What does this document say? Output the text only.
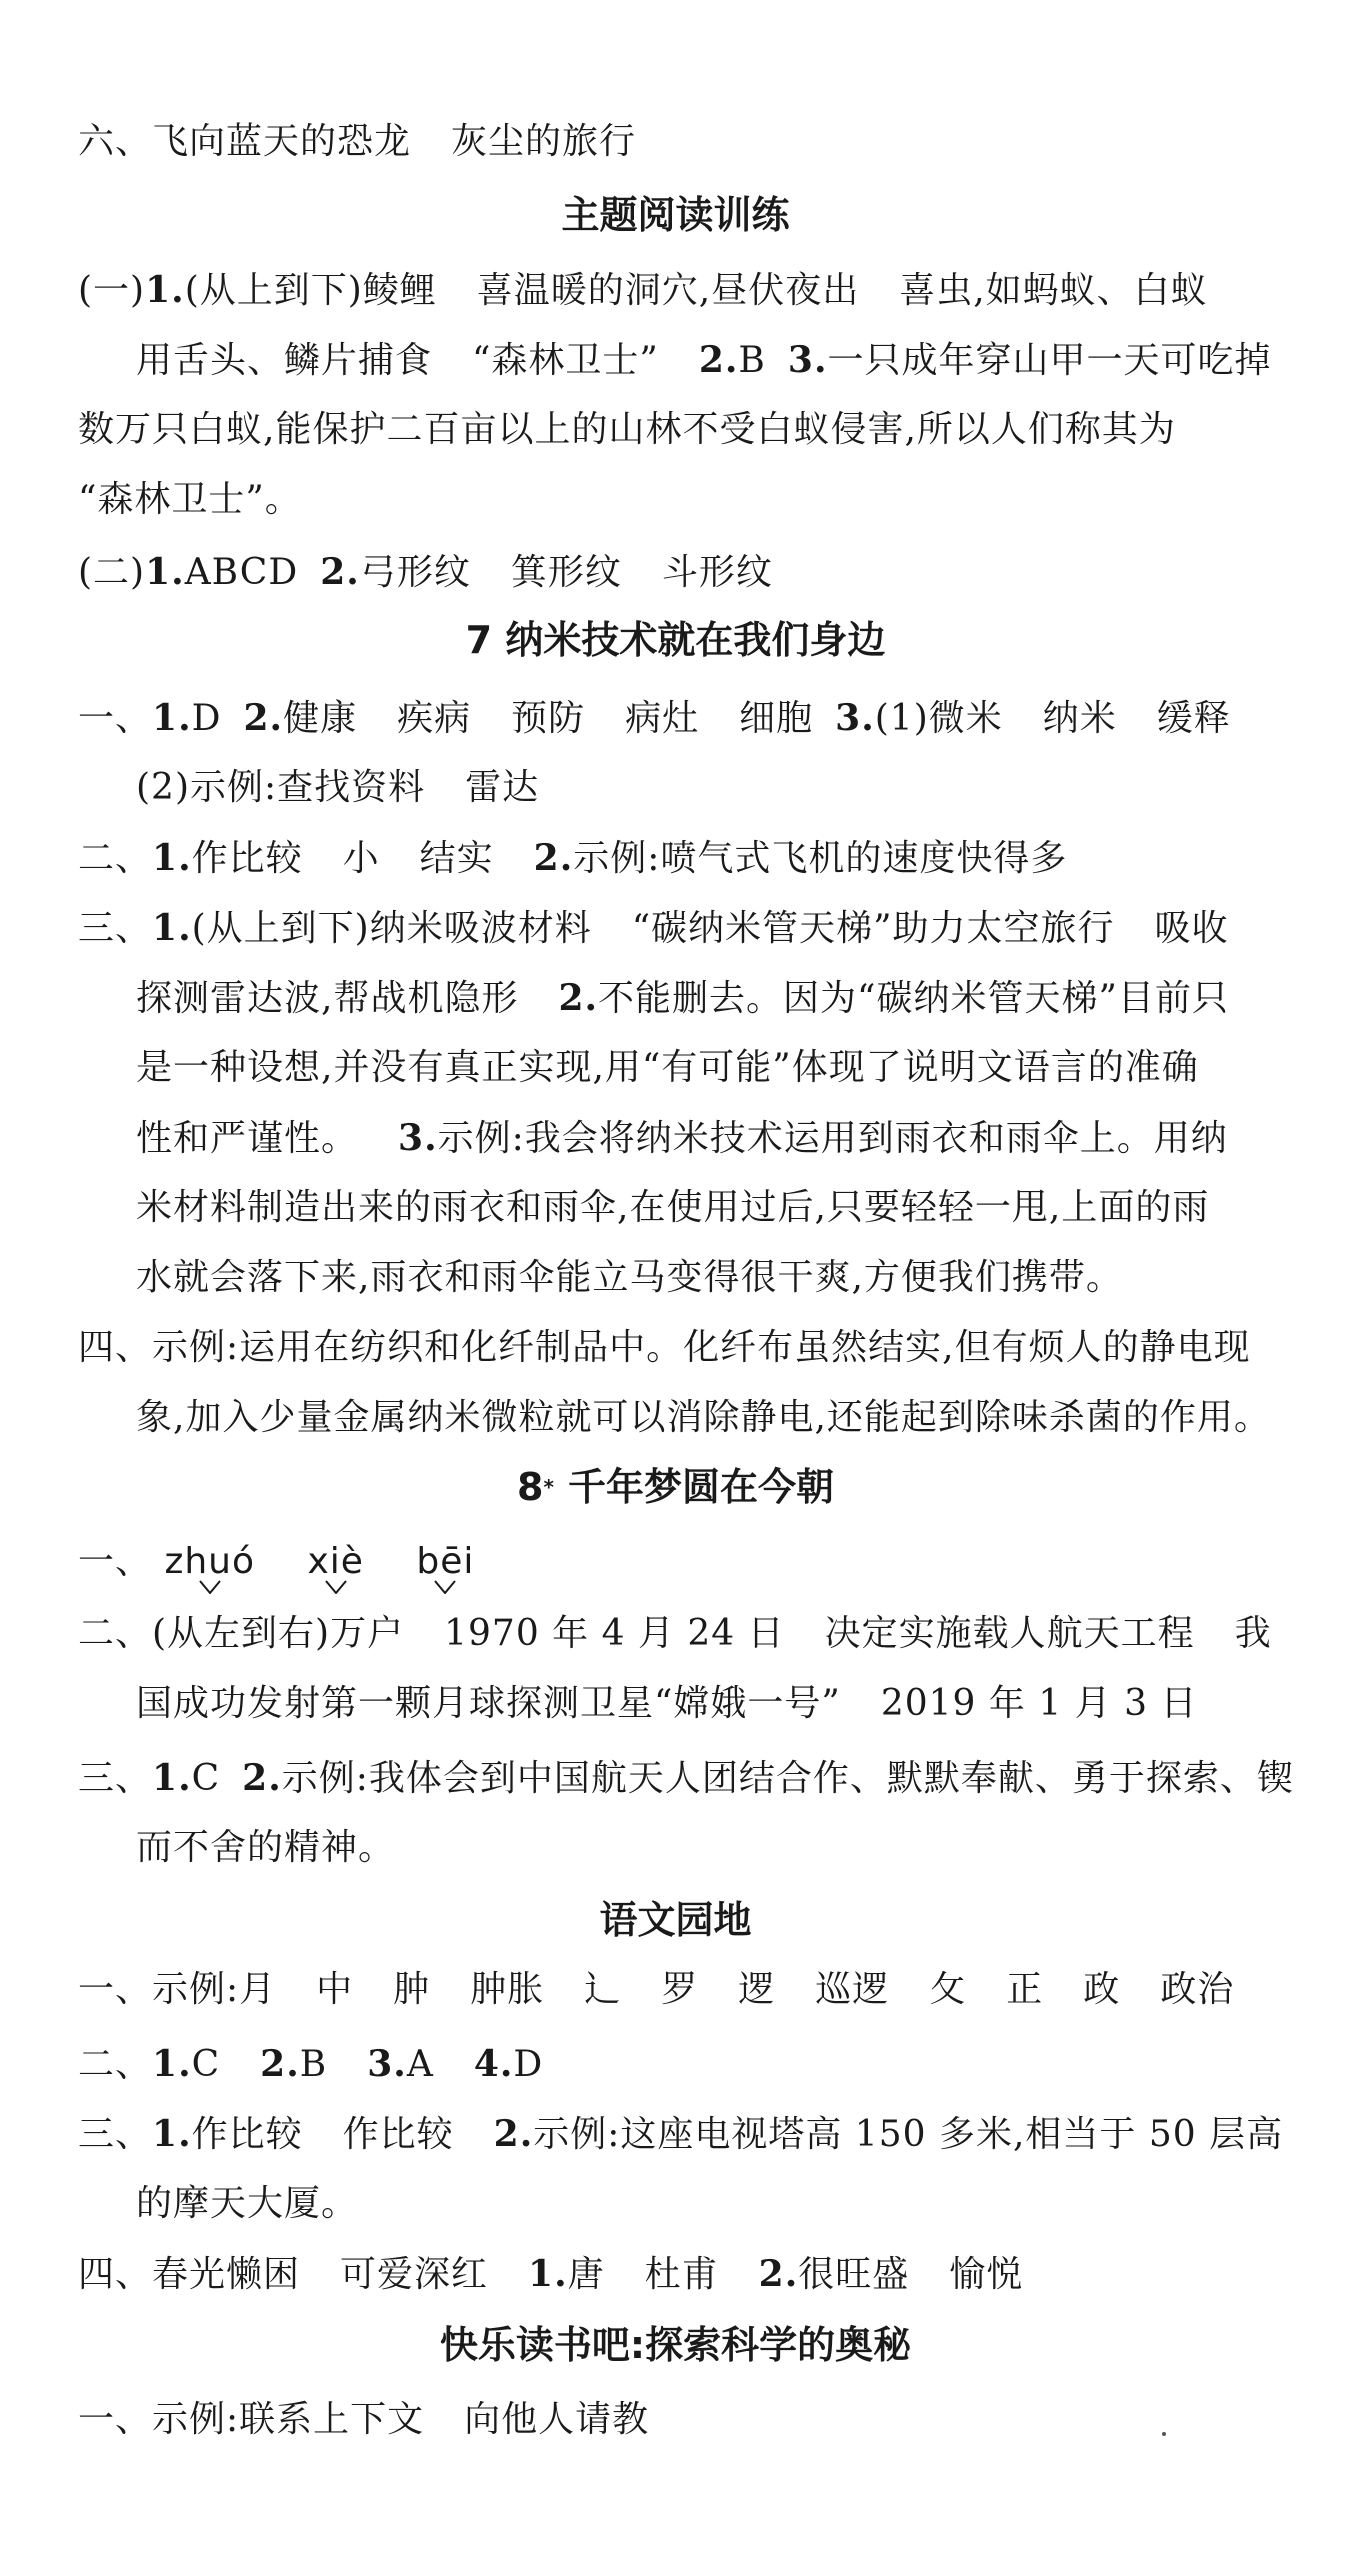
六、飞向蓝天的恐龙 灰尘的旅行
主题阅读训练
(一)1.(从上到下)鲮鲤 喜温暖的洞穴,昼伏夜出 喜虫,如蚂蚁、白蚁
用舌头、鳞片捕食 “森林卫士” 2.B 3.一只成年穿山甲一天可吃掉
数万只白蚁,能保护二百亩以上的山林不受白蚁侵害,所以人们称其为
“森林卫士”。
(二)1.ABCD 2.弓形纹 箕形纹 斗形纹
7 纳米技术就在我们身边
一、1.D 2.健康 疾病 预防 病灶 细胞 3.(1)微米 纳米 缓释
(2)示例:查找资料 雷达
二、1.作比较 小 结实 2.示例:喷气式飞机的速度快得多
三、1.(从上到下)纳米吸波材料 “碳纳米管天梯”助力太空旅行 吸收
探测雷达波,帮战机隐形 2.不能删去。因为“碳纳米管天梯”目前只
是一种设想,并没有真正实现,用“有可能”体现了说明文语言的准确
性和严谨性。 3.示例:我会将纳米技术运用到雨衣和雨伞上。用纳
米材料制造出来的雨衣和雨伞,在使用过后,只要轻轻一甩,上面的雨
水就会落下来,雨衣和雨伞能立马变得很干爽,方便我们携带。
四、示例:运用在纺织和化纤制品中。化纤布虽然结实,但有烦人的静电现
象,加入少量金属纳米微粒就可以消除静电,还能起到除味杀菌的作用。
8* 千年梦圆在今朝
一、 zhuó xiè bēi
二、(从左到右)万户 1970 年 4 月 24 日 决定实施载人航天工程 我
国成功发射第一颗月球探测卫星“嫦娥一号” 2019 年 1 月 3 日
三、1.C 2.示例:我体会到中国航天人团结合作、默默奉献、勇于探索、锲
而不舍的精神。
语文园地
一、示例:月 中 肿 肿胀 辶 罗 逻 巡逻 攵 正 政 政治
二、1.C 2.B 3.A 4.D
三、1.作比较 作比较 2.示例:这座电视塔高 150 多米,相当于 50 层高
的摩天大厦。
四、春光懒困 可爱深红 1.唐 杜甫 2.很旺盛 愉悦
快乐读书吧:探索科学的奥秘
一、示例:联系上下文 向他人请教
